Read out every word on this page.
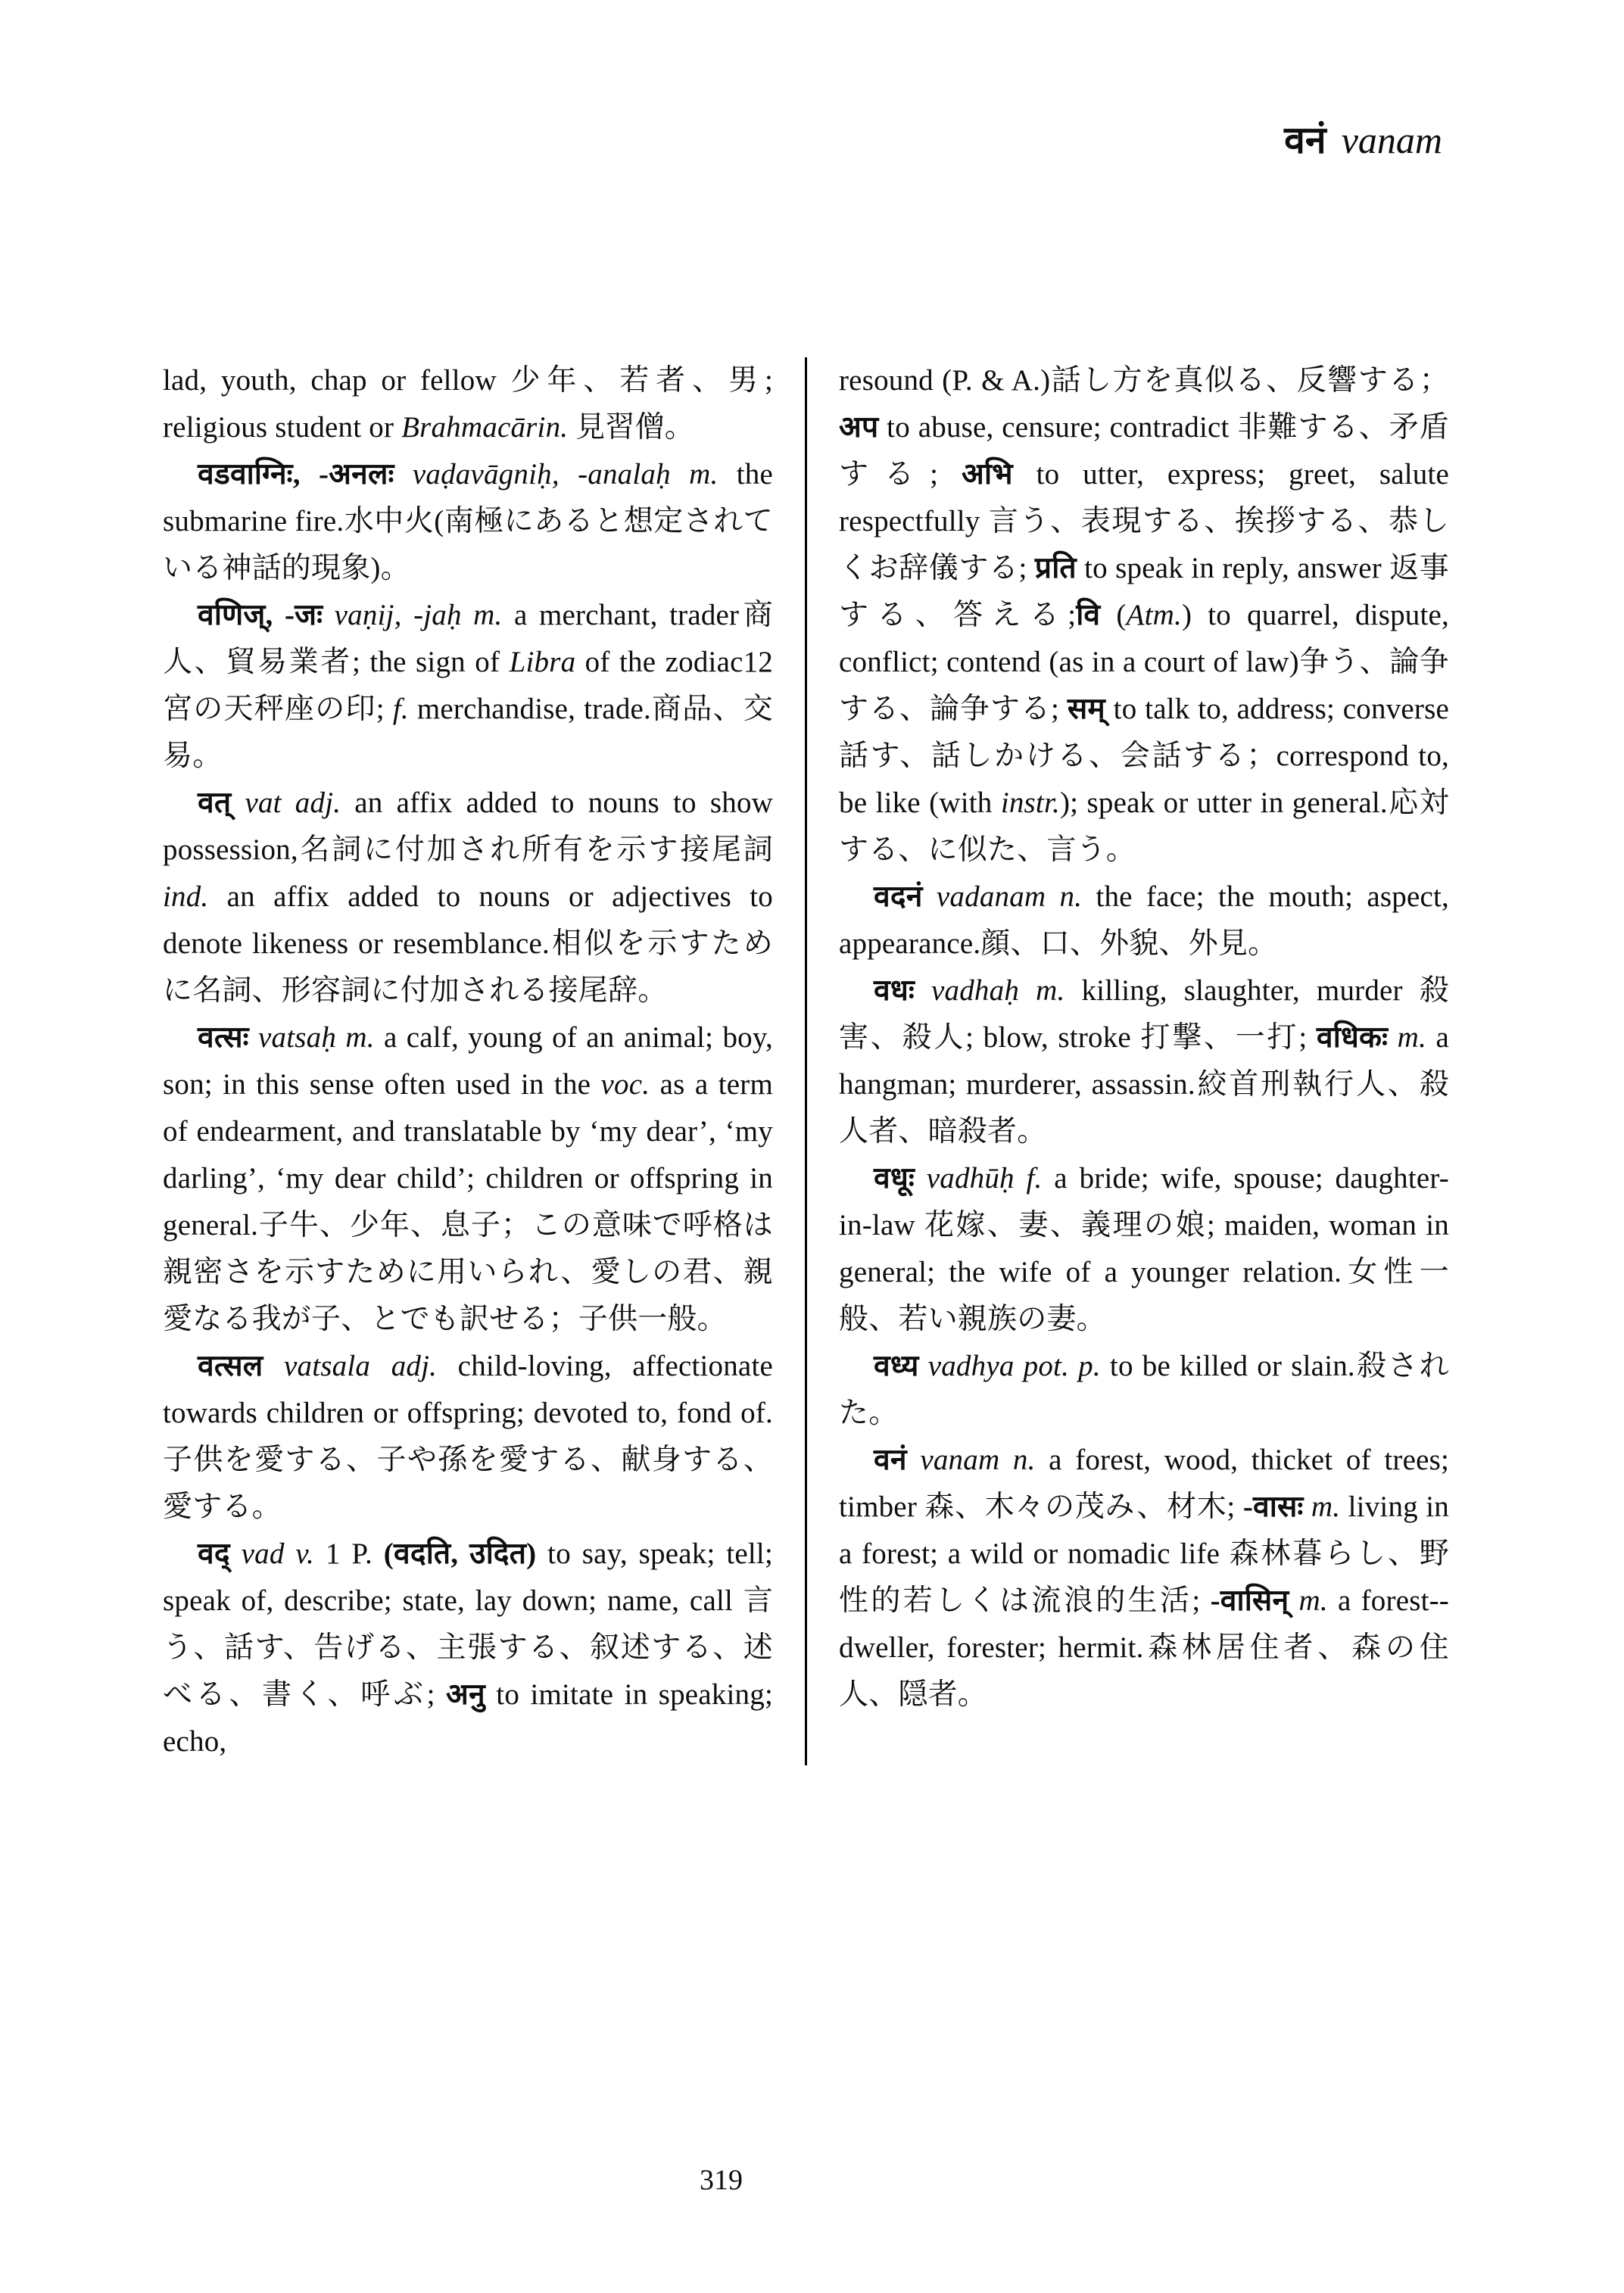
वनं vanam

lad, youth, chap or fellow 少年、若者、男; religious student or Brahmacārin. 見習僧。

वडवाग्निः, -अनलः vaḍavāgniḥ, -analaḥ m. the submarine fire.水中火(南極にあると想定されている神話的現象)。

वणिज्, -जः vaṇij, -jaḥ m. a merchant, trader商人、貿易業者; the sign of Libra of the zodiac12宮の天秤座の印; f. merchandise, trade.商品、交易。

वत् vat adj. an affix added to nouns to show possession,名詞に付加され所有を示す接尾詞 ind. an affix added to nouns or adjectives to denote likeness or resemblance.相似を示すために名詞、形容詞に付加される接尾辞。

वत्सः vatsaḥ m. a calf, young of an animal; boy, son; in this sense often used in the voc. as a term of endearment, and translatable by ‘my dear’, ‘my darling’, ‘my dear child’; children or offspring in general.子牛、少年、息子；この意味で呼格は親密さを示すために用いられ、愛しの君、親愛なる我が子、とでも訳せる；子供一般。

वत्सल vatsala adj. child-loving, affectionate towards children or offspring; devoted to, fond of.子供を愛する、子や孫を愛する、献身する、愛する。

वद् vad v. 1 P. (वदति, उदित) to say, speak; tell; speak of, describe; state, lay down; name, call 言う、話す、告げる、主張する、叙述する、述べる、書く、呼ぶ; अनु to imitate in speaking; echo,

resound (P. & A.)話し方を真似る、反響する； अप to abuse, censure; contradict 非難する、矛盾する; अभि to utter, express; greet, salute respectfully 言う、表現する、挨拶する、恭しくお辞儀する; प्रति to speak in reply, answer 返事する、答える;वि (Atm.) to quarrel, dispute, conflict; contend (as in a court of law)争う、論争する、論争する; सम् to talk to, address; converse 話す、話しかける、会話する；correspond to, be like (with instr.); speak or utter in general.応対する、に似た、言う。

वदनं vadanam n. the face; the mouth; aspect, appearance.顔、口、外貌、外見。

वधः vadhaḥ m. killing, slaughter, murder 殺害、殺人; blow, stroke 打撃、一打; वधिकः m. a hangman; murderer, assassin.絞首刑執行人、殺人者、暗殺者。

वधूः vadhūḥ f. a bride; wife, spouse; daughter-in-law 花嫁、妻、義理の娘; maiden, woman in general; the wife of a younger relation.女性一般、若い親族の妻。

वध्य vadhya pot. p. to be killed or slain.殺された。

वनं vanam n. a forest, wood, thicket of trees; timber 森、木々の茂み、材木; -वासः m. living in a forest; a wild or nomadic life 森林暮らし、野性的若しくは流浪的生活; -वासिन् m. a forest--dweller, forester; hermit.森林居住者、森の住人、隠者。

319
